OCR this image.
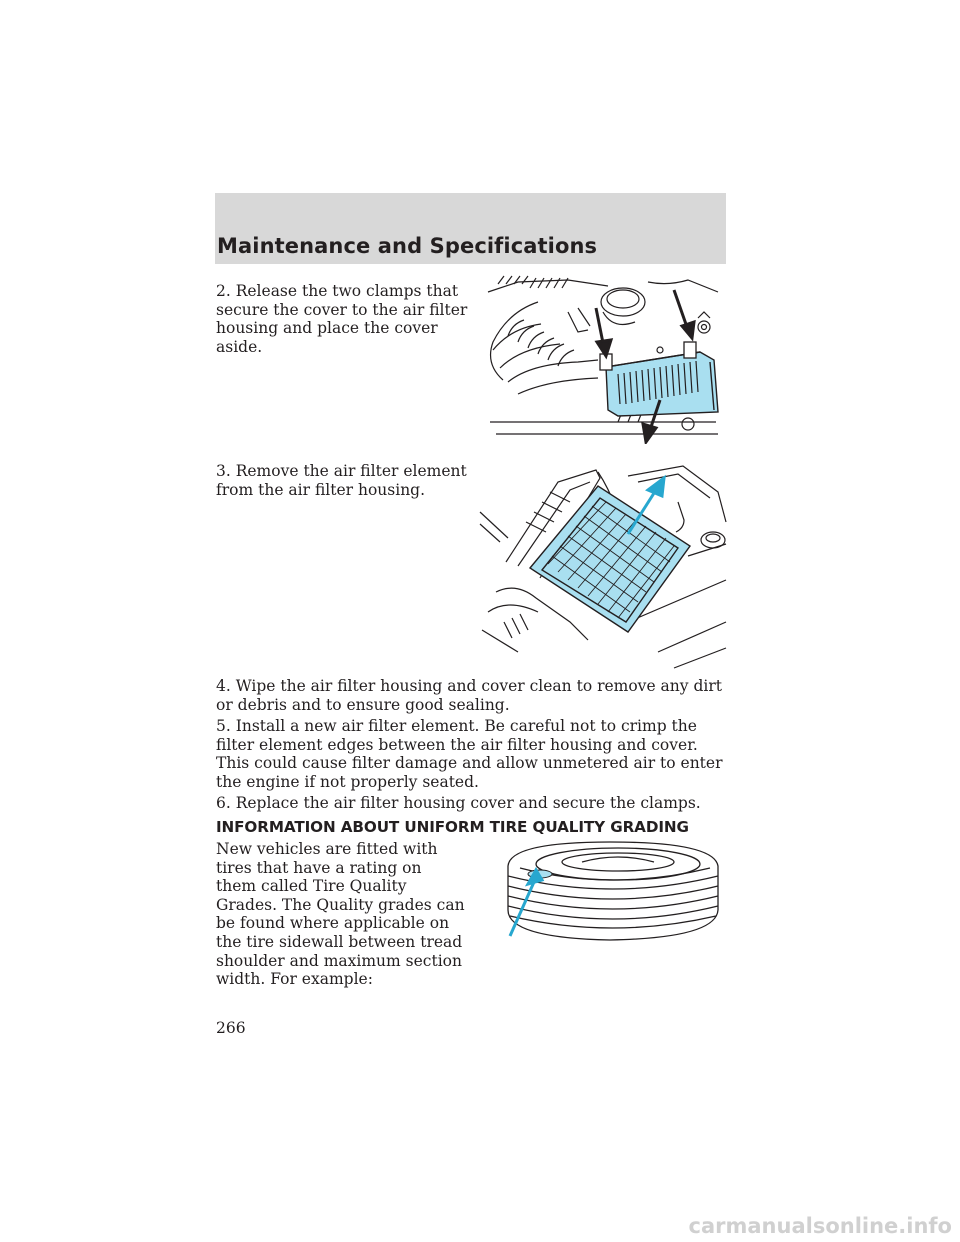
Maintenance and Specifications

2. Release the two clamps that secure the cover to the air filter housing and place the cover aside.

3. Remove the air filter element from the air filter housing.

4. Wipe the air filter housing and cover clean to remove any dirt or debris and to ensure good sealing.

5. Install a new air filter element. Be careful not to crimp the filter element edges between the air filter housing and cover. This could cause filter damage and allow unmetered air to enter the engine if not properly seated.

6. Replace the air filter housing cover and secure the clamps.

INFORMATION ABOUT UNIFORM TIRE QUALITY GRADING

New vehicles are fitted with tires that have a rating on them called Tire Quality Grades. The Quality grades can be found where applicable on the tire sidewall between tread shoulder and maximum section width. For example:

266

carmanualsonline.info
